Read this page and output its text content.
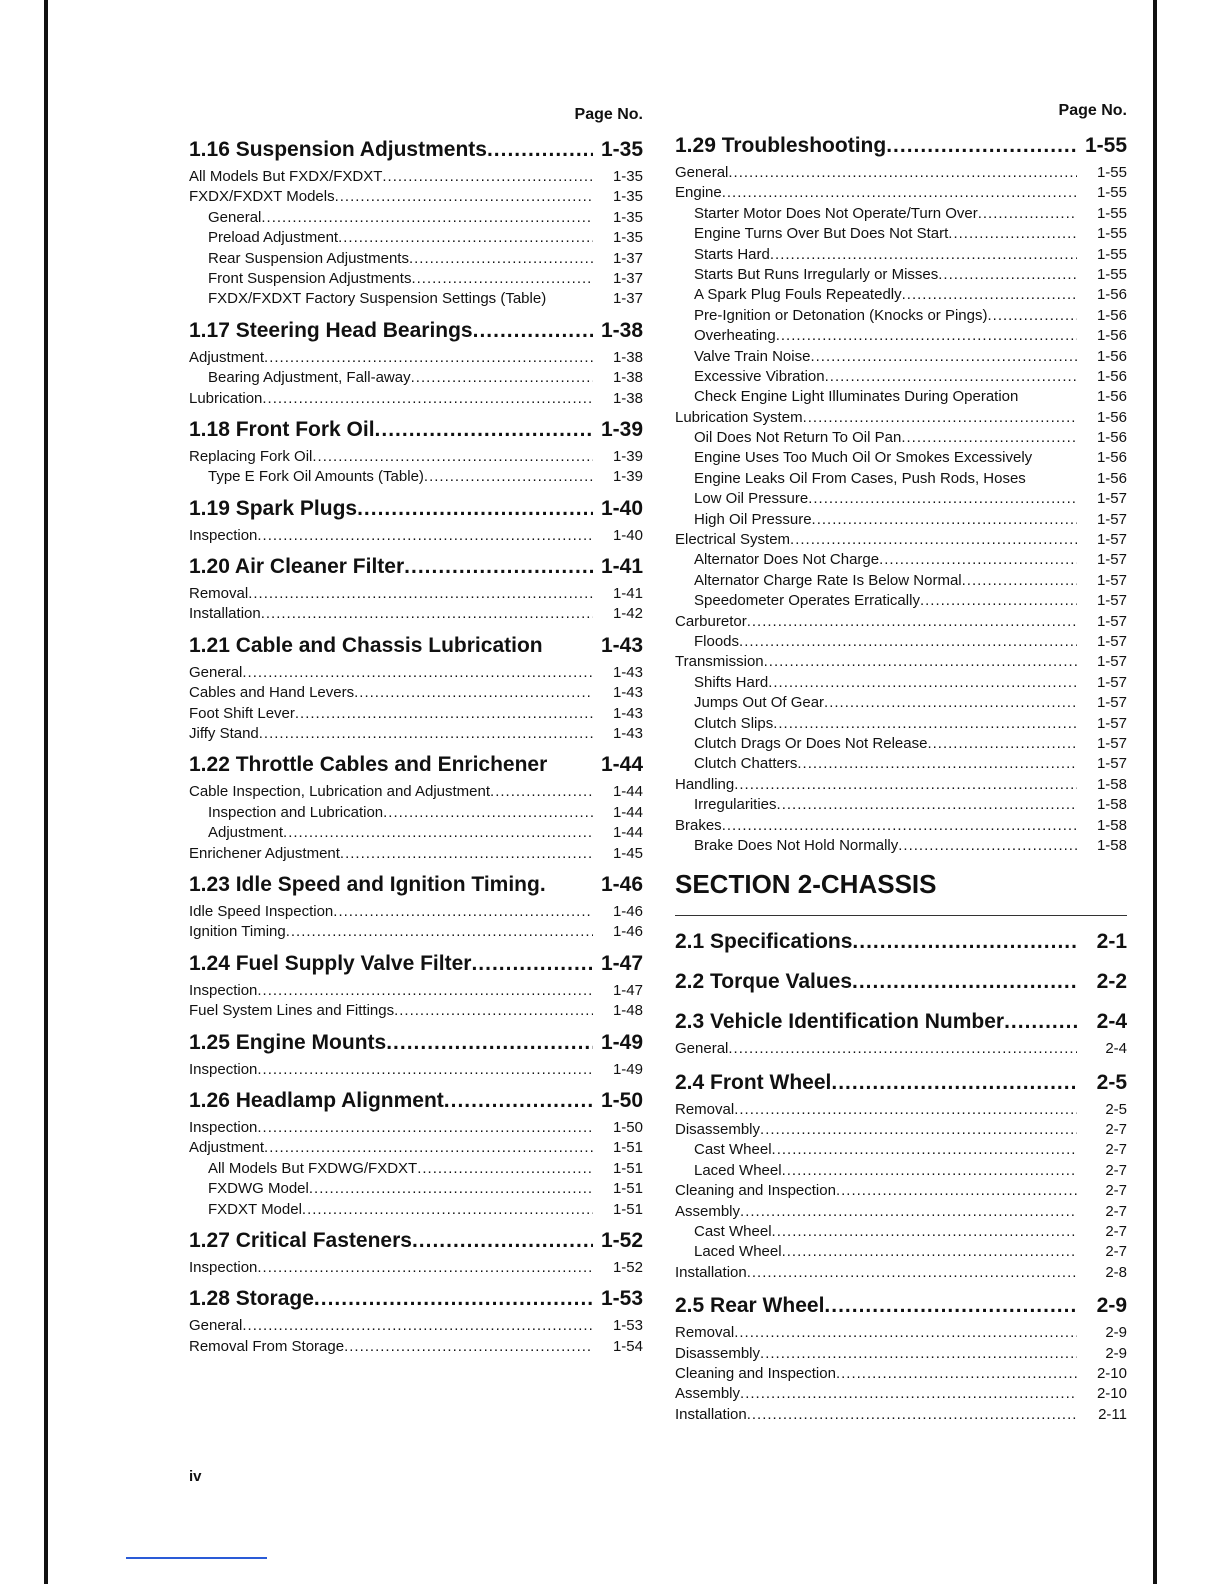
Page No.
1.16 Suspension Adjustments .....	1-35
All Models But FXDX/FXDXT .....	1-35
FXDX/FXDXT Models .....	1-35
General .....	1-35
Preload Adjustment .....	1-35
Rear Suspension Adjustments .....	1-37
Front Suspension Adjustments .....	1-37
FXDX/FXDXT Factory Suspension Settings (Table)	1-37
1.17 Steering Head Bearings .....	1-38
Adjustment .....	1-38
Bearing Adjustment, Fall-away .....	1-38
Lubrication .....	1-38
1.18 Front Fork Oil .....	1-39
Replacing Fork Oil .....	1-39
Type E Fork Oil Amounts (Table) .....	1-39
1.19 Spark Plugs .....	1-40
Inspection .....	1-40
1.20 Air Cleaner Filter .....	1-41
Removal .....	1-41
Installation .....	1-42
1.21 Cable and Chassis Lubrication	1-43
General .....	1-43
Cables and Hand Levers .....	1-43
Foot Shift Lever .....	1-43
Jiffy Stand .....	1-43
1.22 Throttle Cables and Enrichener	1-44
Cable Inspection, Lubrication and Adjustment .....	1-44
Inspection and Lubrication .....	1-44
Adjustment .....	1-44
Enrichener Adjustment .....	1-45
1.23 Idle Speed and Ignition Timing.	1-46
Idle Speed Inspection .....	1-46
Ignition Timing .....	1-46
1.24 Fuel Supply Valve Filter .....	1-47
Inspection .....	1-47
Fuel System Lines and Fittings .....	1-48
1.25 Engine Mounts .....	1-49
Inspection .....	1-49
1.26 Headlamp Alignment .....	1-50
Inspection .....	1-50
Adjustment .....	1-51
All Models But FXDWG/FXDXT .....	1-51
FXDWG Model .....	1-51
FXDXT Model .....	1-51
1.27 Critical Fasteners .....	1-52
Inspection .....	1-52
1.28 Storage .....	1-53
General .....	1-53
Removal From Storage .....	1-54
Page No.
1.29 Troubleshooting .....	1-55
General .....	1-55
Engine .....	1-55
Starter Motor Does Not Operate/Turn Over .....	1-55
Engine Turns Over But Does Not Start .....	1-55
Starts Hard .....	1-55
Starts But Runs Irregularly or Misses .....	1-55
A Spark Plug Fouls Repeatedly .....	1-56
Pre-Ignition or Detonation (Knocks or Pings) .....	1-56
Overheating .....	1-56
Valve Train Noise .....	1-56
Excessive Vibration .....	1-56
Check Engine Light Illuminates During Operation	1-56
Lubrication System .....	1-56
Oil Does Not Return To Oil Pan .....	1-56
Engine Uses Too Much Oil Or Smokes Excessively	1-56
Engine Leaks Oil From Cases, Push Rods, Hoses	1-56
Low Oil Pressure .....	1-57
High Oil Pressure .....	1-57
Electrical System .....	1-57
Alternator Does Not Charge .....	1-57
Alternator Charge Rate Is Below Normal .....	1-57
Speedometer Operates Erratically .....	1-57
Carburetor .....	1-57
Floods .....	1-57
Transmission .....	1-57
Shifts Hard .....	1-57
Jumps Out Of Gear .....	1-57
Clutch Slips .....	1-57
Clutch Drags Or Does Not Release .....	1-57
Clutch Chatters .....	1-57
Handling .....	1-58
Irregularities .....	1-58
Brakes .....	1-58
Brake Does Not Hold Normally .....	1-58
SECTION 2-CHASSIS
2.1 Specifications .....	2-1
2.2 Torque Values .....	2-2
2.3 Vehicle Identification Number .....	2-4
General .....	2-4
2.4 Front Wheel .....	2-5
Removal .....	2-5
Disassembly .....	2-7
Cast Wheel .....	2-7
Laced Wheel .....	2-7
Cleaning and Inspection .....	2-7
Assembly .....	2-7
Cast Wheel .....	2-7
Laced Wheel .....	2-7
Installation .....	2-8
2.5 Rear Wheel .....	2-9
Removal .....	2-9
Disassembly .....	2-9
Cleaning and Inspection .....	2-10
Assembly .....	2-10
Installation .....	2-11
iv
